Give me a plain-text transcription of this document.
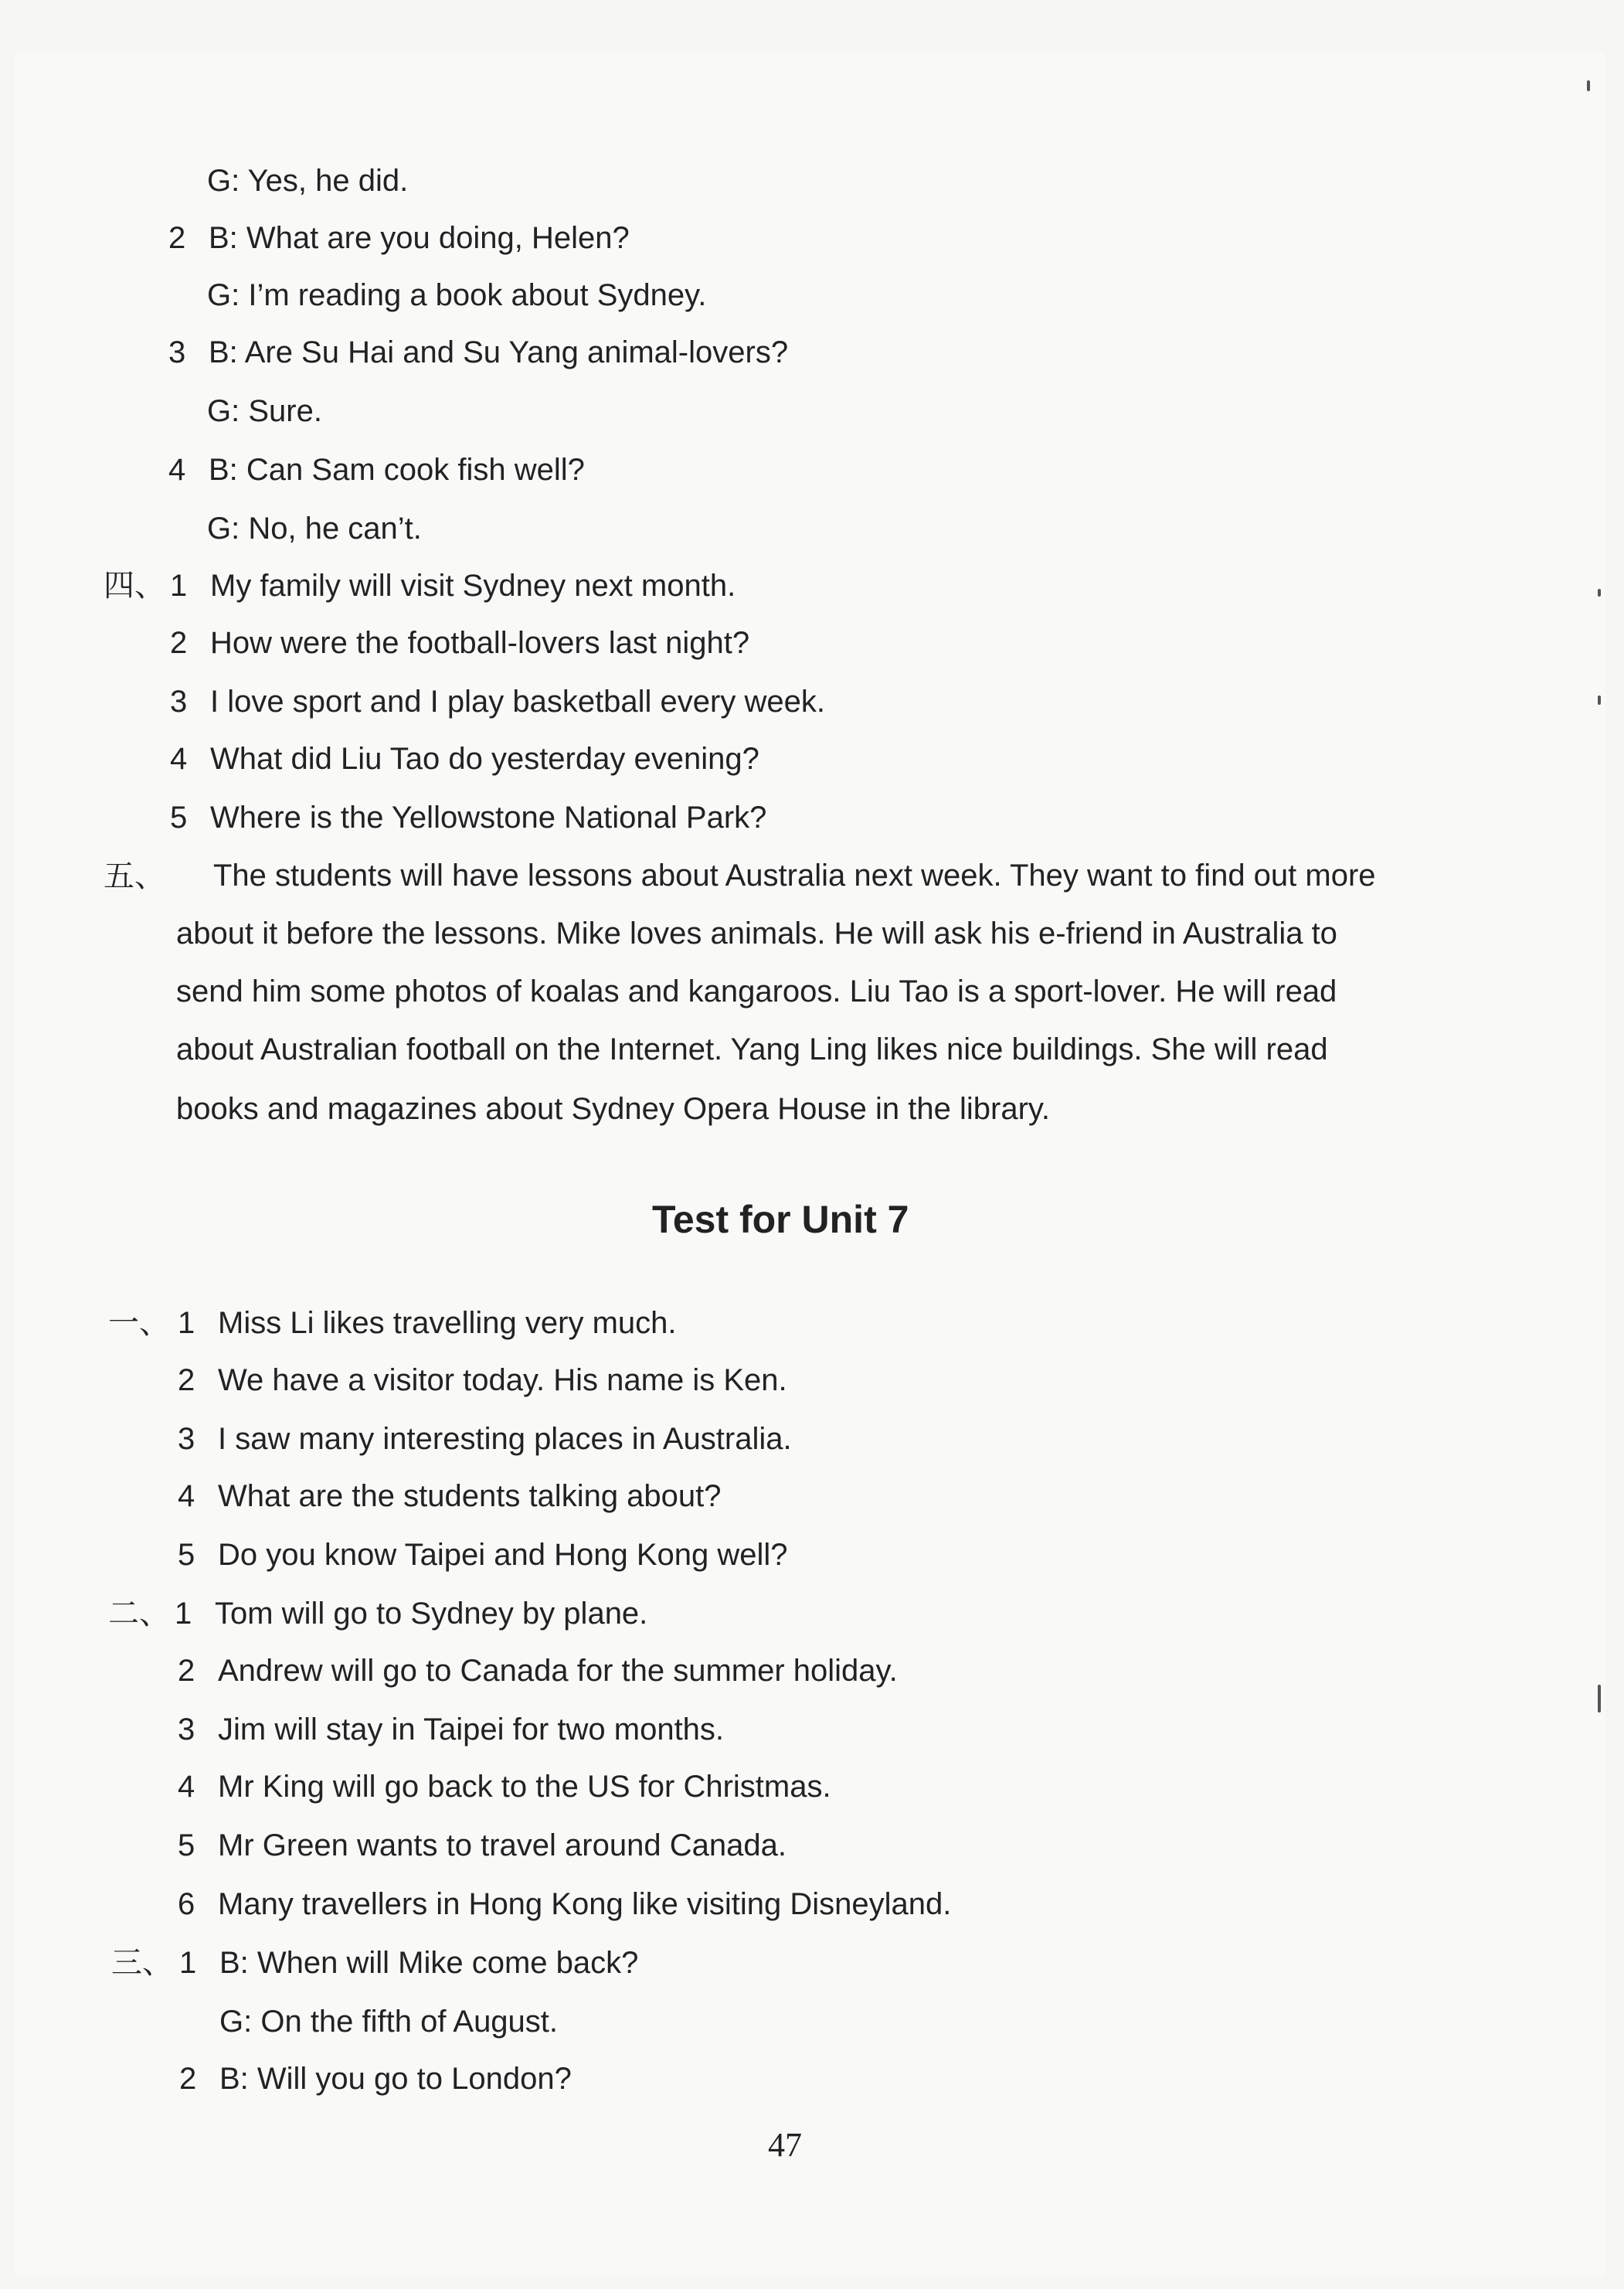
G: Yes, he did.
2 B: What are you doing, Helen?
G: I’m reading a book about Sydney.
3 B: Are Su Hai and Su Yang animal-lovers?
G: Sure.
4 B: Can Sam cook fish well?
G: No, he can’t.
四、 1 My family will visit Sydney next month.
2 How were the football-lovers last night?
3 I love sport and I play basketball every week.
4 What did Liu Tao do yesterday evening?
5 Where is the Yellowstone National Park?
五、 The students will have lessons about Australia next week. They want to find out more
about it before the lessons. Mike loves animals. He will ask his e-friend in Australia to
send him some photos of koalas and kangaroos. Liu Tao is a sport-lover. He will read
about Australian football on the Internet. Yang Ling likes nice buildings. She will read
books and magazines about Sydney Opera House in the library.
Test for Unit 7
一、 1 Miss Li likes travelling very much.
2 We have a visitor today. His name is Ken.
3 I saw many interesting places in Australia.
4 What are the students talking about?
5 Do you know Taipei and Hong Kong well?
二、 1 Tom will go to Sydney by plane.
2 Andrew will go to Canada for the summer holiday.
3 Jim will stay in Taipei for two months.
4 Mr King will go back to the US for Christmas.
5 Mr Green wants to travel around Canada.
6 Many travellers in Hong Kong like visiting Disneyland.
三、 1 B: When will Mike come back?
G: On the fifth of August.
2 B: Will you go to London?
47
